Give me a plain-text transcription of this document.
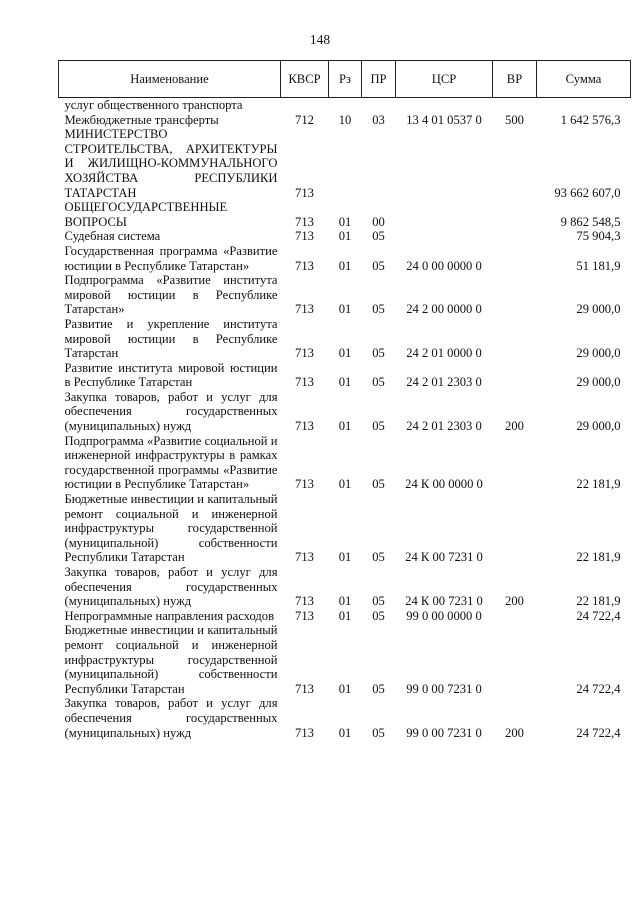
148
Наименование	КВСР	Рз	ПР	ЦСР	ВР	Сумма
услуг общественного транспорта						
Межбюджетные трансферты	712	10	03	13 4 01 0537 0	500	1 642 576,3
МИНИСТЕРСТВО СТРОИТЕЛЬСТВА, АРХИТЕКТУРЫ И ЖИЛИЩНО-КОММУНАЛЬНОГО ХОЗЯЙСТВА РЕСПУБЛИКИ ТАТАРСТАН	713					93 662 607,0
ОБЩЕГОСУДАРСТВЕННЫЕ ВОПРОСЫ	713	01	00			9 862 548,5
Судебная система	713	01	05			75 904,3
Государственная программа «Развитие юстиции в Республике Татарстан»	713	01	05	24 0 00 0000 0		51 181,9
Подпрограмма «Развитие института мировой юстиции в Республике Татарстан»	713	01	05	24 2 00 0000 0		29 000,0
Развитие и укрепление института мировой юстиции в Республике Татарстан	713	01	05	24 2 01 0000 0		29 000,0
Развитие института мировой юстиции в Республике Татарстан	713	01	05	24 2 01 2303 0		29 000,0
Закупка товаров, работ и услуг для обеспечения государственных (муниципальных) нужд	713	01	05	24 2 01 2303 0	200	29 000,0
Подпрограмма «Развитие социальной и инженерной инфраструктуры в рамках государственной программы «Развитие юстиции в Республике Татарстан»	713	01	05	24 К 00 0000 0		22 181,9
Бюджетные инвестиции и капитальный ремонт социальной и инженерной инфраструктуры государственной (муниципальной) собственности Республики Татарстан	713	01	05	24 К 00 7231 0		22 181,9
Закупка товаров, работ и услуг для обеспечения государственных (муниципальных) нужд	713	01	05	24 К 00 7231 0	200	22 181,9
Непрограммные направления расходов	713	01	05	99 0 00 0000 0		24 722,4
Бюджетные инвестиции и капитальный ремонт социальной и инженерной инфраструктуры государственной (муниципальной) собственности Республики Татарстан	713	01	05	99 0 00 7231 0		24 722,4
Закупка товаров, работ и услуг для обеспечения государственных (муниципальных) нужд	713	01	05	99 0 00 7231 0	200	24 722,4
